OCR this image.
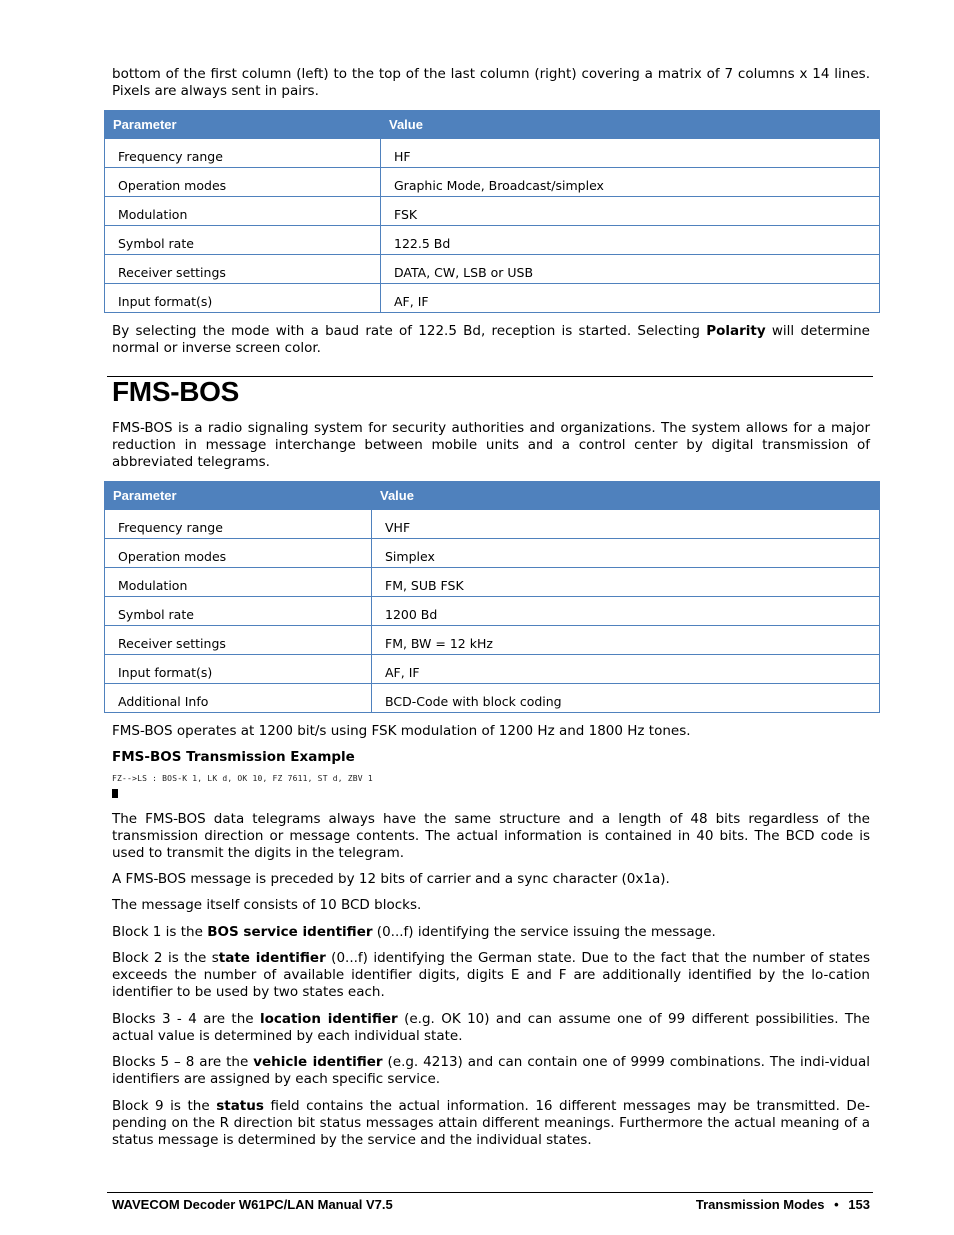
bottom of the first column (left) to the top of the last column (right) covering a matrix of 7 columns x 14 lines. Pixels are always sent in pairs.

Parameter	Value
Frequency range	HF
Operation modes	Graphic Mode, Broadcast/simplex
Modulation	FSK
Symbol rate	122.5 Bd
Receiver settings	DATA, CW, LSB or USB
Input format(s)	AF, IF

By selecting the mode with a baud rate of 122.5 Bd, reception is started. Selecting Polarity will determine normal or inverse screen color.

FMS-BOS

FMS-BOS is a radio signaling system for security authorities and organizations. The system allows for a major reduction in message interchange between mobile units and a control center by digital transmission of abbreviated telegrams.

Parameter	Value
Frequency range	VHF
Operation modes	Simplex
Modulation	FM, SUB FSK
Symbol rate	1200 Bd
Receiver settings	FM, BW = 12 kHz
Input format(s)	AF, IF
Additional Info	BCD-Code with block coding

FMS-BOS operates at 1200 bit/s using FSK modulation of 1200 Hz and 1800 Hz tones.

FMS-BOS Transmission Example
FZ-->LS : BOS-K 1, LK d, OK 10, FZ 7611, ST d, ZBV 1

The FMS-BOS data telegrams always have the same structure and a length of 48 bits regardless of the transmission direction or message contents. The actual information is contained in 40 bits. The BCD code is used to transmit the digits in the telegram.

A FMS-BOS message is preceded by 12 bits of carrier and a sync character (0x1a).

The message itself consists of 10 BCD blocks.

Block 1 is the BOS service identifier (0...f) identifying the service issuing the message.

Block 2 is the state identifier (0...f) identifying the German state. Due to the fact that the number of states exceeds the number of available identifier digits, digits E and F are additionally identified by the lo-cation identifier to be used by two states each.

Blocks 3 - 4 are the location identifier (e.g. OK 10) and can assume one of 99 different possibilities. The actual value is determined by each individual state.

Blocks 5 – 8 are the vehicle identifier (e.g. 4213) and can contain one of 9999 combinations. The indi-vidual identifiers are assigned by each specific service.

Block 9 is the status field contains the actual information. 16 different messages may be transmitted. De-pending on the R direction bit status messages attain different meanings. Furthermore the actual meaning of a status message is determined by the service and the individual states.

WAVECOM Decoder W61PC/LAN Manual V7.5	Transmission Modes • 153
